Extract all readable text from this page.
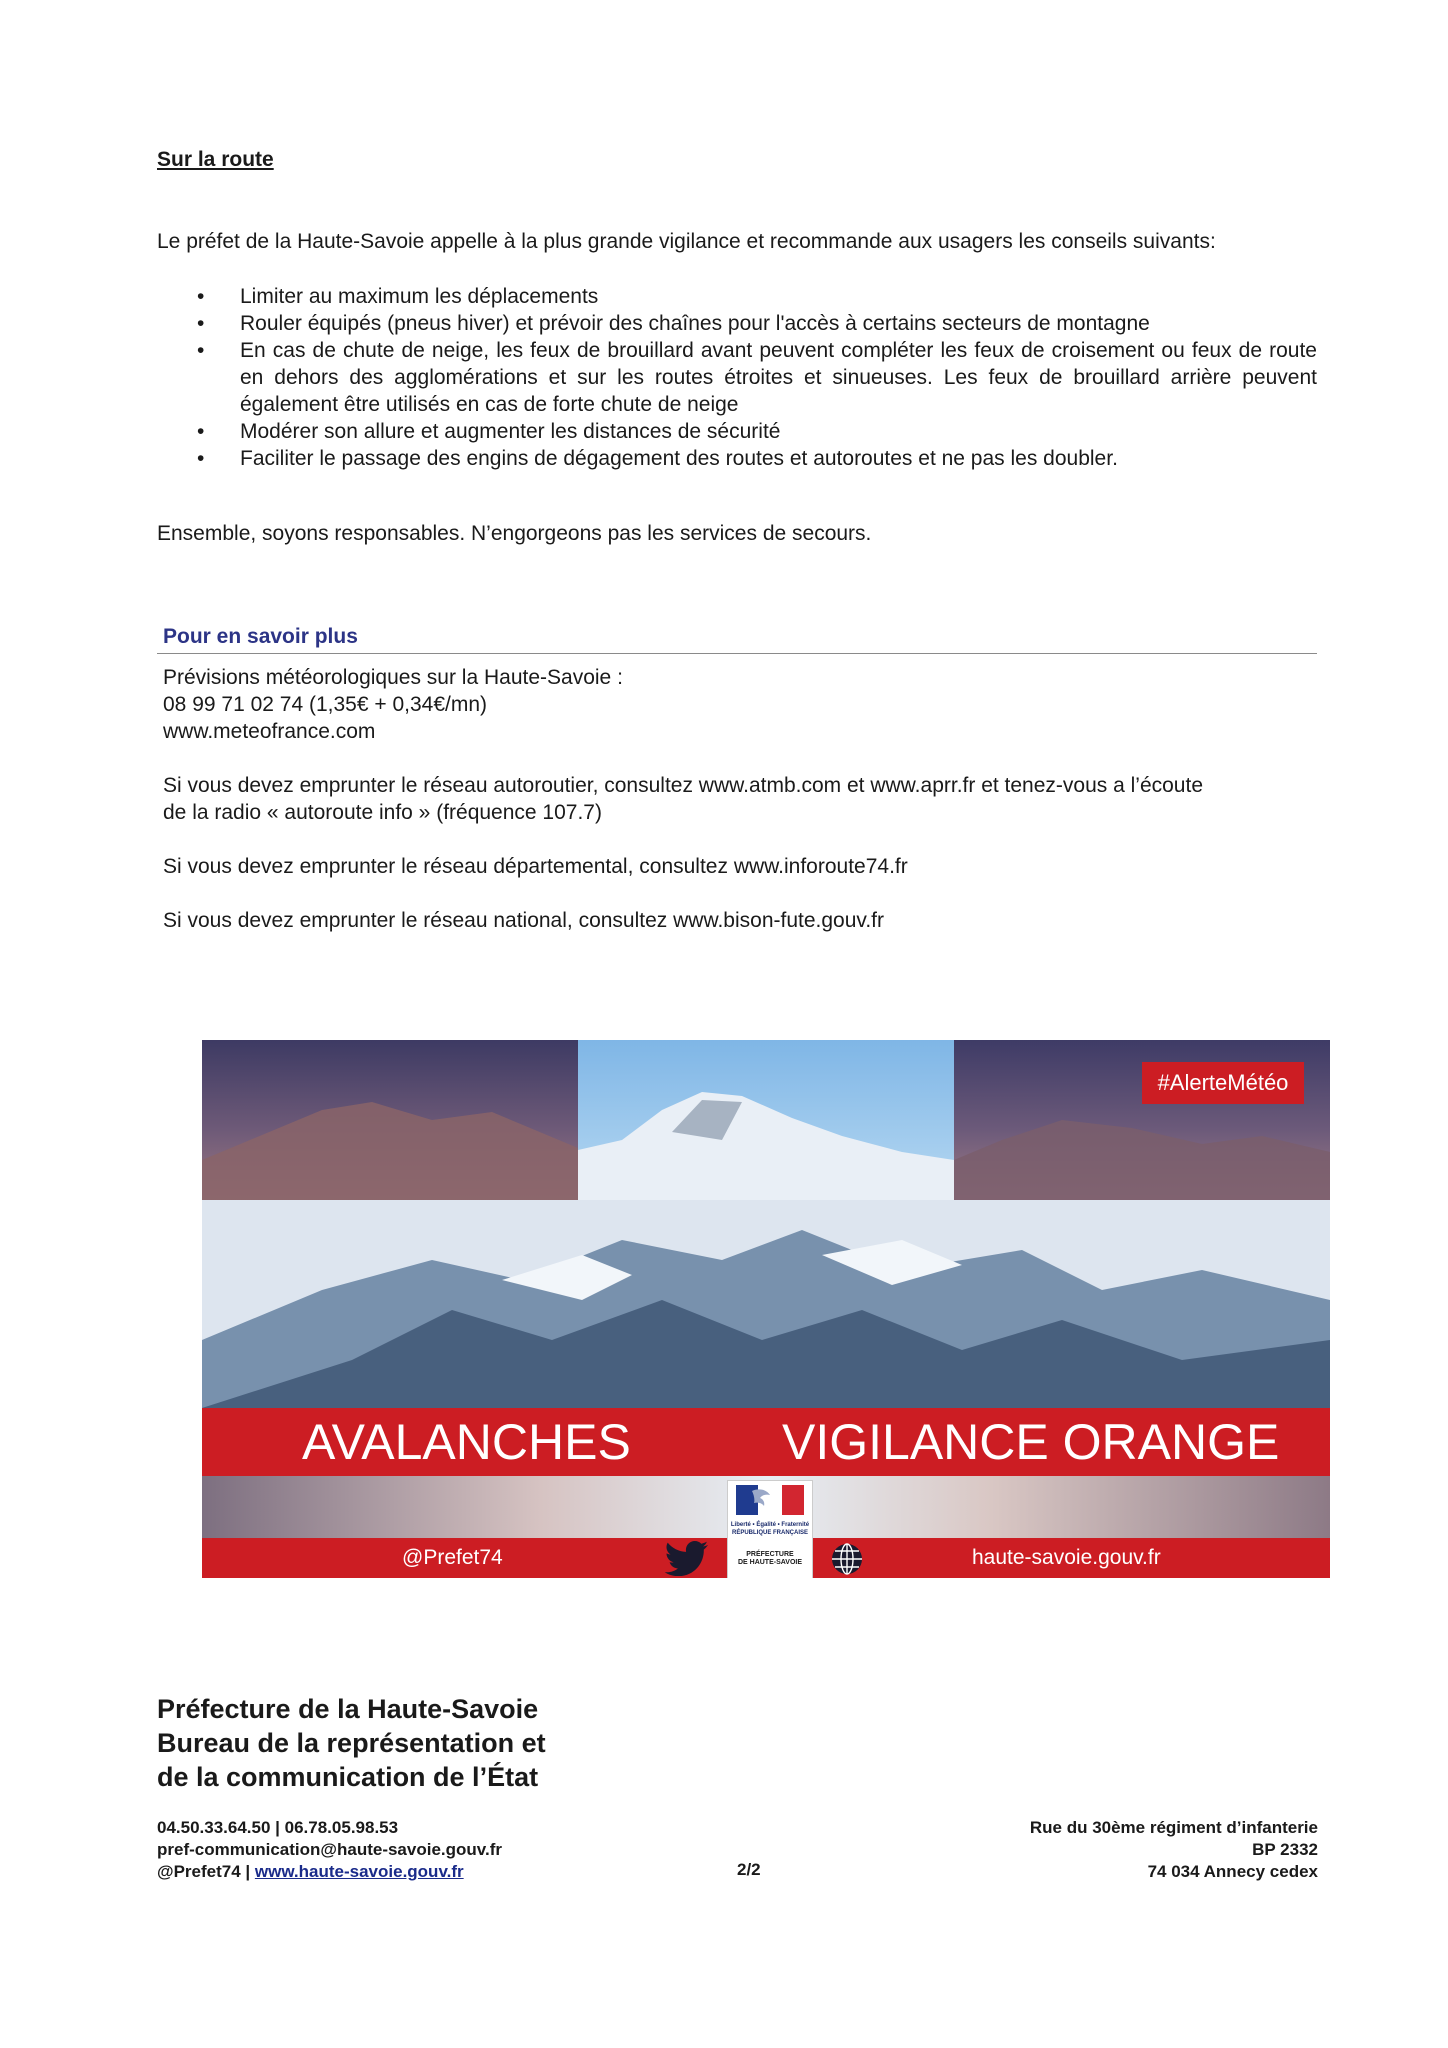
Sur la route
Le préfet de la Haute-Savoie appelle à la plus grande vigilance et recommande aux usagers les conseils suivants:
• Limiter au maximum les déplacements
• Rouler équipés (pneus hiver) et prévoir des chaînes pour l'accès à certains secteurs de montagne
• En cas de chute de neige, les feux de brouillard avant peuvent compléter les feux de croisement ou feux de route en dehors des agglomérations et sur les routes étroites et sinueuses. Les feux de brouillard arrière peuvent également être utilisés en cas de forte chute de neige
• Modérer son allure et augmenter les distances de sécurité
• Faciliter le passage des engins de dégagement des routes et autoroutes et ne pas les doubler.
Ensemble, soyons responsables. N’engorgeons pas les services de secours.
Pour en savoir plus
Prévisions météorologiques sur la Haute-Savoie :
08 99 71 02 74 (1,35€ + 0,34€/mn)
www.meteofrance.com
Si vous devez emprunter le réseau autoroutier, consultez www.atmb.com et www.aprr.fr et tenez-vous a l’écoute
de la radio « autoroute info » (fréquence 107.7)
Si vous devez emprunter le réseau départemental, consultez www.inforoute74.fr
Si vous devez emprunter le réseau national, consultez www.bison-fute.gouv.fr
#AlerteMétéo
AVALANCHES	VIGILANCE ORANGE
@Prefet74	haute-savoie.gouv.fr
Liberté • Égalité • Fraternité
RÉPUBLIQUE FRANÇAISE
PRÉFECTURE
DE HAUTE-SAVOIE
Préfecture de la Haute-Savoie
Bureau de la représentation et
de la communication de l’État
04.50.33.64.50 | 06.78.05.98.53
pref-communication@haute-savoie.gouv.fr
@Prefet74 | www.haute-savoie.gouv.fr	2/2
Rue du 30ème régiment d’infanterie
BP 2332
74 034 Annecy cedex
